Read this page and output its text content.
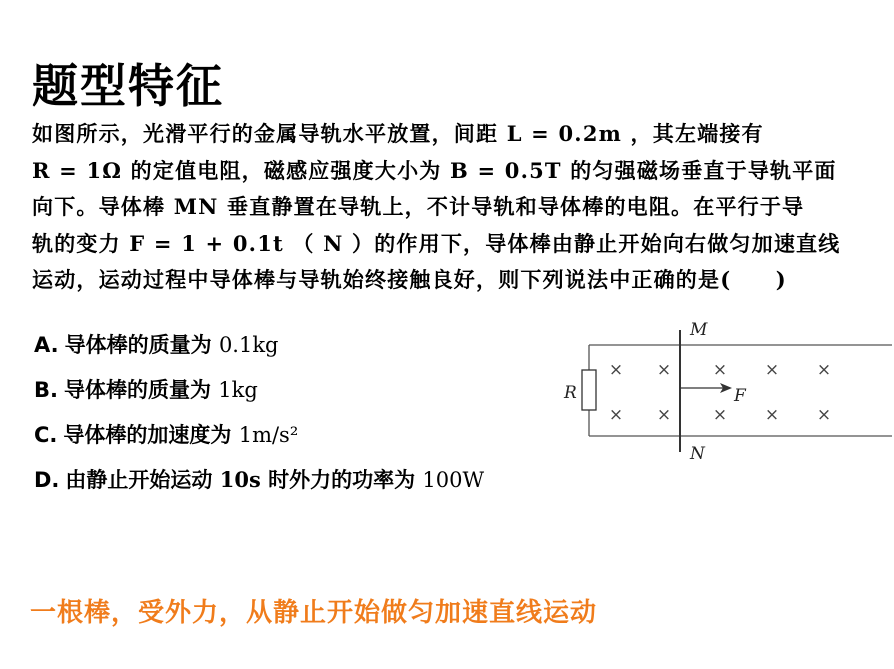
题型特征
如图所示，光滑平行的金属导轨水平放置，间距 L = 0.2m ，其左端接有
R = 1Ω 的定值电阻，磁感应强度大小为 B = 0.5T 的匀强磁场垂直于导轨平面
向下。导体棒 MN 垂直静置在导轨上，不计导轨和导体棒的电阻。在平行于导
轨的变力 F = 1 + 0.1t （ N ）的作用下，导体棒由静止开始向右做匀加速直线
运动，运动过程中导体棒与导轨始终接触良好，则下列说法中正确的是(　　)
A. 导体棒的质量为 0.1kg
B. 导体棒的质量为 1kg
C. 导体棒的加速度为 1m/s²
D. 由静止开始运动 10s 时外力的功率为 100W
R
M
N
F
× × × × ×
× × × × ×
一根棒，受外力，从静止开始做匀加速直线运动
